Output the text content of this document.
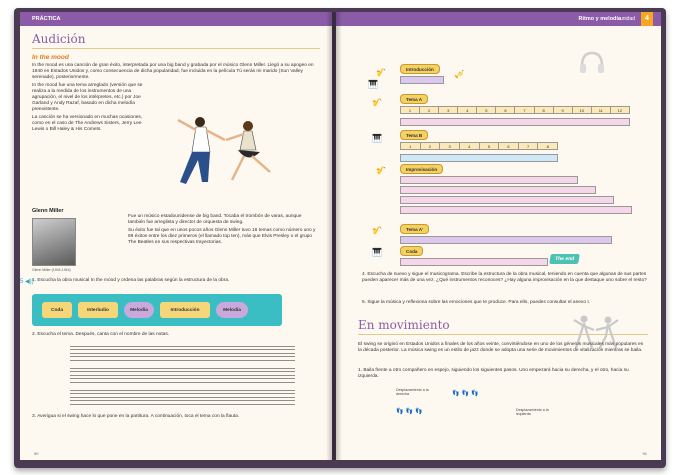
PRÁCTICA
Audición
In the mood

In the mood es una canción de gran éxito, interpretada por una big band y grabada por el músico Glenn Miller. Llegó a su apogeo en 1940 en Estados Unidos y, como consecuencia de dicha popularidad, fue incluida en la película Tú serás mi marido (Sun Valley serenade), posteriormente.

In the mood fue una tema arreglado (versión que se realiza a la medida de los instrumentos de una agrupación, el nivel de los intérpretes, etc.) por Joe Garland y Andy Razaf, basado en dicha melodía preexistente.

La canción se ha versionado en muchas ocasiones, como en el caso de The Andrews Sisters, Jerry Lee Lewis o Bill Haley & His Comets.

Glenn Miller
Glenn Miller (1904-1944)

Fue un músico estadounidense de big band. Tocaba el trombón de varas, aunque también fue arreglista y director de orquesta de swing.

Su éxito fue tal que en unos pocos años Glenn Miller tuvo 16 temas como número uno y 69 éxitos entre los diez primeros (el llamado top ten), más que Elvis Presley o el grupo The Beatles en sus respectivas trayectorias.

5 ◀))

1. Escucha la obra musical In the mood y ordena las palabras según la estructura de la obra.

Coda	Interludio	Melodía	Introducción	Melodía

2. Escucha el tema. Después, canta con el nombre de las notas.

3. Averigua si el swing hace lo que pone en la partitura. A continuación, toca el tema con la flauta.

90
Ritmo y melodía
unidad	4
🎷
🎹
Introducción
🎺
🎷	Tema A
1	2	3	4	5	6	7	8	9	10	11	12
🎹	Tema B
1	2	3	4	5	6	7	8
🎷	Improvisación
🎷	Tema A'
🎹	Coda
The end

4. Escucha de nuevo y sigue el musicograma. Escribe la estructura de la obra musical, teniendo en cuenta que algunas de sus partes pueden aparecer más de una vez. ¿Qué instrumentos reconoces? ¿Hay alguna improvisación en la que destaque uno sobre el resto?

5. Sigue la música y reflexiona sobre las emociones que te produce. Para ello, puedes consultar el anexo I.

En movimiento

El swing se originó en Estados Unidos a finales de los años veinte, convirtiéndose en uno de los géneros musicales más populares en la década posterior. La música swing es un estilo de jazz donde se adopta una serie de movimientos de vitalización mientras se baila.

1. Baila frente a otro compañero en espejo, siguiendo los siguientes pasos. Uno empezará hacia su derecha, y el otro, hacia su izquierda.

Desplazamiento a la derecha	👣👣👣
👣👣👣	Desplazamiento a la izquierda
91
